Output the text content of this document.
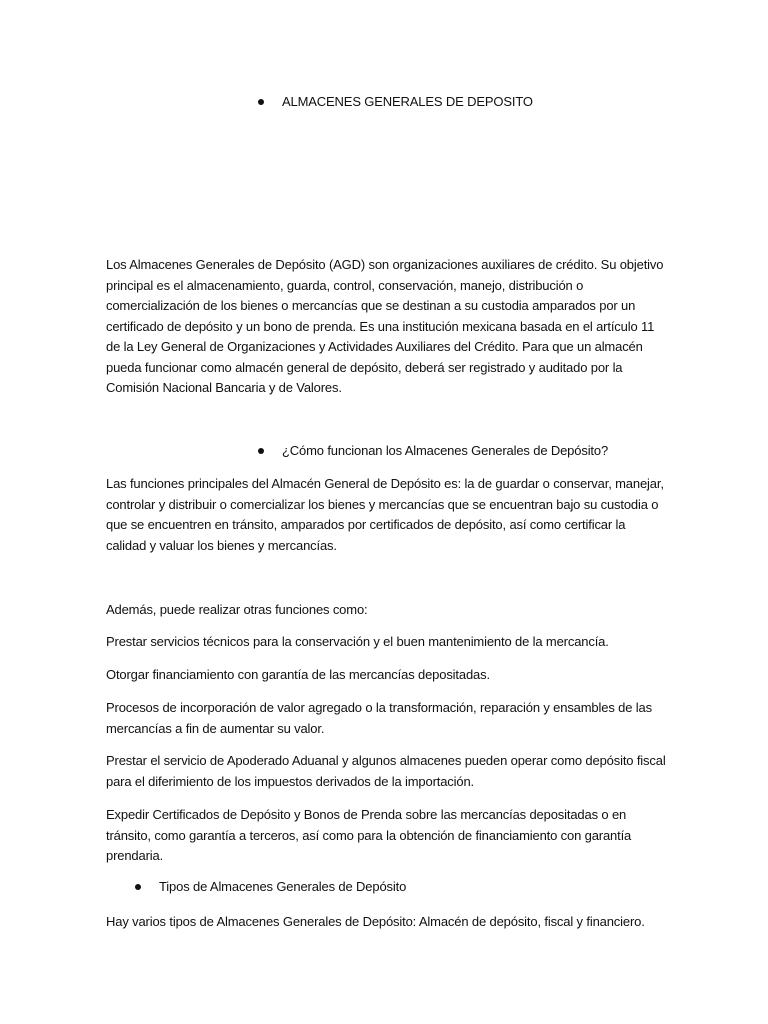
ALMACENES GENERALES DE DEPOSITO

Los Almacenes Generales de Depósito (AGD) son organizaciones auxiliares de crédito. Su objetivo principal es el almacenamiento, guarda, control, conservación, manejo, distribución o comercialización de los bienes o mercancías que se destinan a su custodia amparados por un certificado de depósito y un bono de prenda. Es una institución mexicana basada en el artículo 11 de la Ley General de Organizaciones y Actividades Auxiliares del Crédito. Para que un almacén pueda funcionar como almacén general de depósito, deberá ser registrado y auditado por la Comisión Nacional Bancaria y de Valores.

¿Cómo funcionan los Almacenes Generales de Depósito?

Las funciones principales del Almacén General de Depósito es: la de guardar o conservar, manejar, controlar y distribuir o comercializar los bienes y mercancías que se encuentran bajo su custodia o que se encuentren en tránsito, amparados por certificados de depósito, así como certificar la calidad y valuar los bienes y mercancías.

Además, puede realizar otras funciones como:

Prestar servicios técnicos para la conservación y el buen mantenimiento de la mercancía.

Otorgar financiamiento con garantía de las mercancías depositadas.

Procesos de incorporación de valor agregado o la transformación, reparación y ensambles de las mercancías a fin de aumentar su valor.

Prestar el servicio de Apoderado Aduanal y algunos almacenes pueden operar como depósito fiscal para el diferimiento de los impuestos derivados de la importación.

Expedir Certificados de Depósito y Bonos de Prenda sobre las mercancías depositadas o en tránsito, como garantía a terceros, así como para la obtención de financiamiento con garantía prendaria.

Tipos de Almacenes Generales de Depósito

Hay varios tipos de Almacenes Generales de Depósito: Almacén de depósito, fiscal y financiero.
